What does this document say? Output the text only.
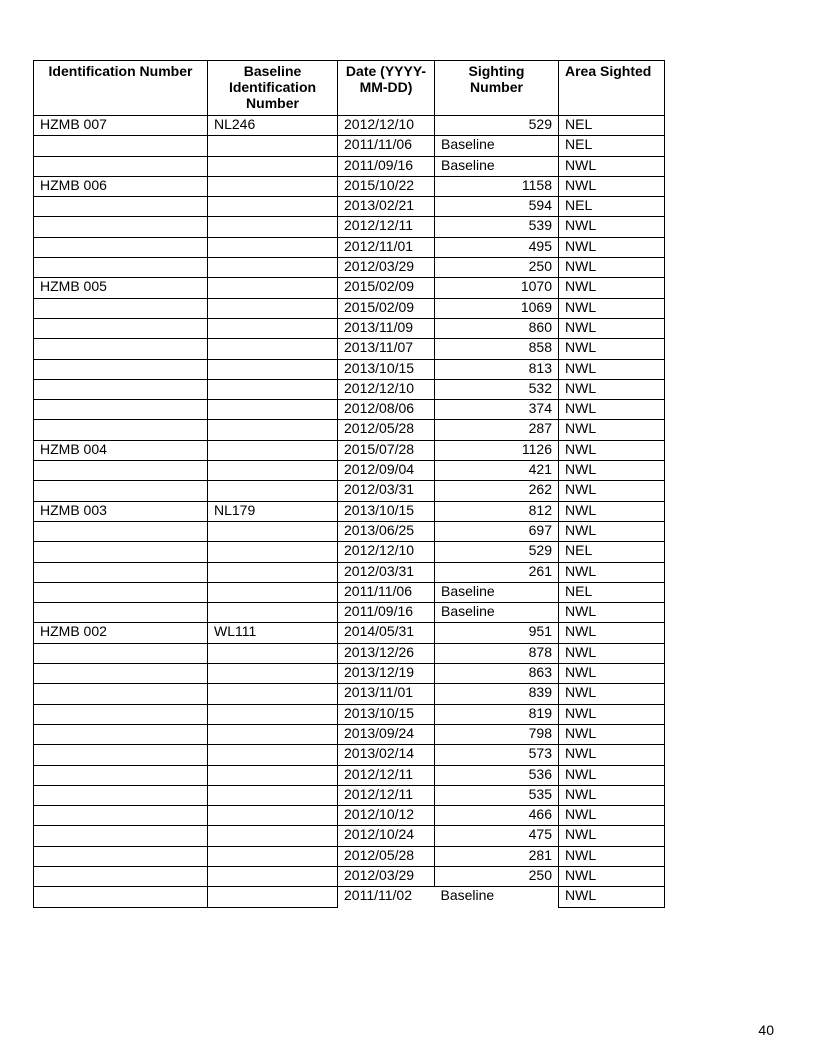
Identification Number	Baseline Identification Number	Date (YYYY-MM-DD)	Sighting Number	Area Sighted
HZMB 007	NL246	2012/12/10	529	NEL
		2011/11/06	Baseline	NEL
		2011/09/16	Baseline	NWL
HZMB 006		2015/10/22	1158	NWL
		2013/02/21	594	NEL
		2012/12/11	539	NWL
		2012/11/01	495	NWL
		2012/03/29	250	NWL
HZMB 005		2015/02/09	1070	NWL
		2015/02/09	1069	NWL
		2013/11/09	860	NWL
		2013/11/07	858	NWL
		2013/10/15	813	NWL
		2012/12/10	532	NWL
		2012/08/06	374	NWL
		2012/05/28	287	NWL
HZMB 004		2015/07/28	1126	NWL
		2012/09/04	421	NWL
		2012/03/31	262	NWL
HZMB 003	NL179	2013/10/15	812	NWL
		2013/06/25	697	NWL
		2012/12/10	529	NEL
		2012/03/31	261	NWL
		2011/11/06	Baseline	NEL
		2011/09/16	Baseline	NWL
HZMB 002	WL111	2014/05/31	951	NWL
		2013/12/26	878	NWL
		2013/12/19	863	NWL
		2013/11/01	839	NWL
		2013/10/15	819	NWL
		2013/09/24	798	NWL
		2013/02/14	573	NWL
		2012/12/11	536	NWL
		2012/12/11	535	NWL
		2012/10/12	466	NWL
		2012/10/24	475	NWL
		2012/05/28	281	NWL
		2012/03/29	250	NWL
		2011/11/02	Baseline	NWL
40
